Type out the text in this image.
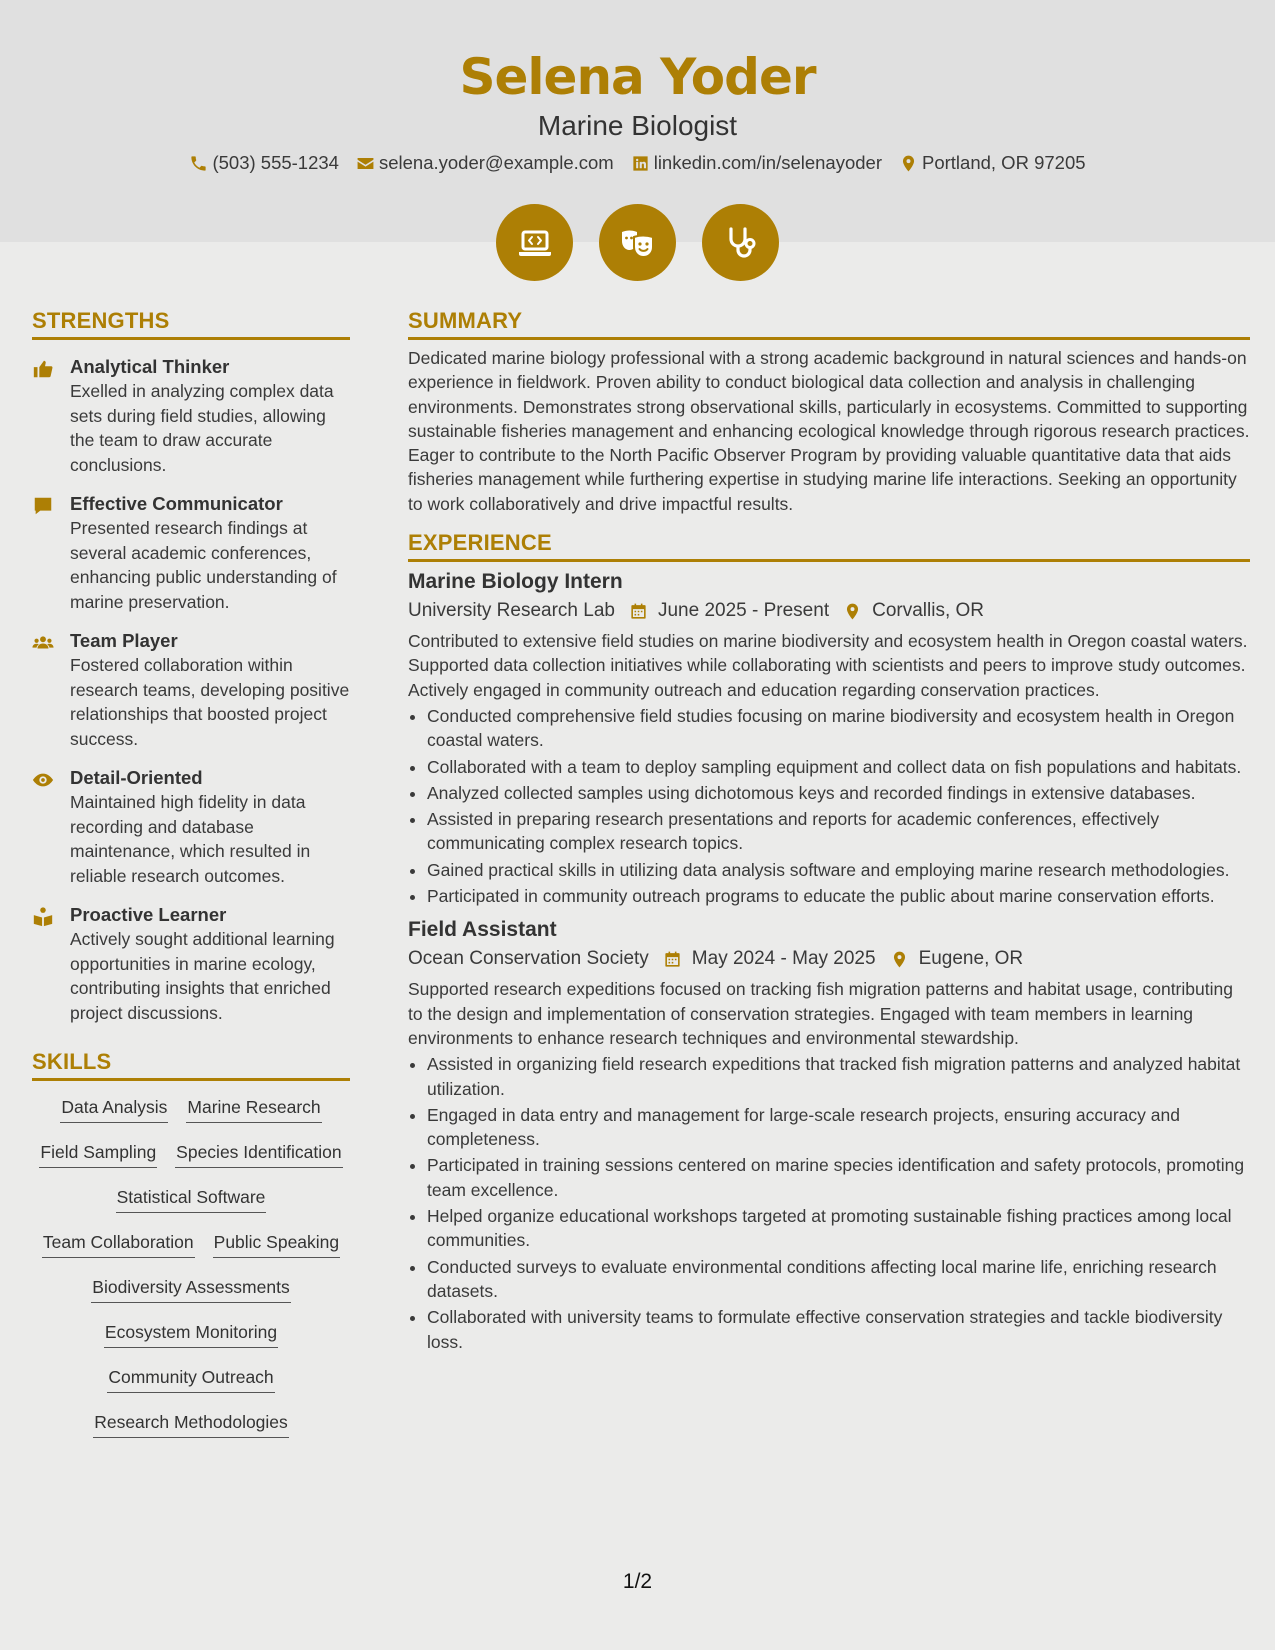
Selena Yoder
Marine Biologist
(503) 555-1234 selena.yoder@example.com linkedin.com/in/selenayoder Portland, OR 97205
STRENGTHS
Analytical Thinker
Exelled in analyzing complex data sets during field studies, allowing the team to draw accurate conclusions.
Effective Communicator
Presented research findings at several academic conferences, enhancing public understanding of marine preservation.
Team Player
Fostered collaboration within research teams, developing positive relationships that boosted project success.
Detail-Oriented
Maintained high fidelity in data recording and database maintenance, which resulted in reliable research outcomes.
Proactive Learner
Actively sought additional learning opportunities in marine ecology, contributing insights that enriched project discussions.
SKILLS
Data Analysis Marine Research
Field Sampling Species Identification
Statistical Software
Team Collaboration Public Speaking
Biodiversity Assessments
Ecosystem Monitoring
Community Outreach
Research Methodologies
SUMMARY
Dedicated marine biology professional with a strong academic background in natural sciences and hands-on experience in fieldwork. Proven ability to conduct biological data collection and analysis in challenging environments. Demonstrates strong observational skills, particularly in ecosystems. Committed to supporting sustainable fisheries management and enhancing ecological knowledge through rigorous research practices. Eager to contribute to the North Pacific Observer Program by providing valuable quantitative data that aids fisheries management while furthering expertise in studying marine life interactions. Seeking an opportunity to work collaboratively and drive impactful results.
EXPERIENCE
Marine Biology Intern
University Research Lab June 2025 - Present Corvallis, OR
Contributed to extensive field studies on marine biodiversity and ecosystem health in Oregon coastal waters. Supported data collection initiatives while collaborating with scientists and peers to improve study outcomes. Actively engaged in community outreach and education regarding conservation practices.
• Conducted comprehensive field studies focusing on marine biodiversity and ecosystem health in Oregon coastal waters.
• Collaborated with a team to deploy sampling equipment and collect data on fish populations and habitats.
• Analyzed collected samples using dichotomous keys and recorded findings in extensive databases.
• Assisted in preparing research presentations and reports for academic conferences, effectively communicating complex research topics.
• Gained practical skills in utilizing data analysis software and employing marine research methodologies.
• Participated in community outreach programs to educate the public about marine conservation efforts.
Field Assistant
Ocean Conservation Society May 2024 - May 2025 Eugene, OR
Supported research expeditions focused on tracking fish migration patterns and habitat usage, contributing to the design and implementation of conservation strategies. Engaged with team members in learning environments to enhance research techniques and environmental stewardship.
• Assisted in organizing field research expeditions that tracked fish migration patterns and analyzed habitat utilization.
• Engaged in data entry and management for large-scale research projects, ensuring accuracy and completeness.
• Participated in training sessions centered on marine species identification and safety protocols, promoting team excellence.
• Helped organize educational workshops targeted at promoting sustainable fishing practices among local communities.
• Conducted surveys to evaluate environmental conditions affecting local marine life, enriching research datasets.
• Collaborated with university teams to formulate effective conservation strategies and tackle biodiversity loss.
1/2
